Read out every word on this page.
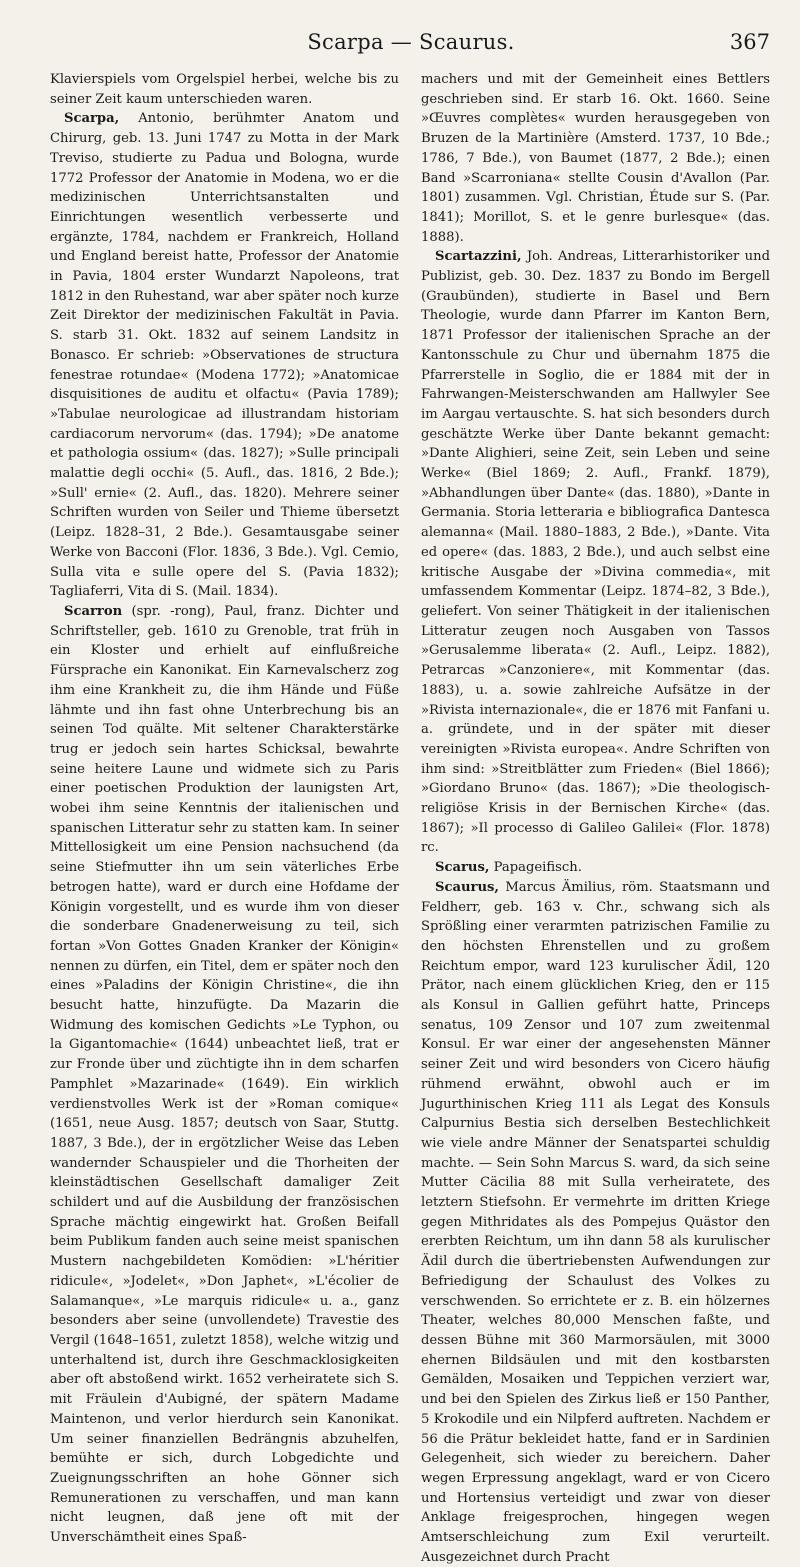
Scarpa — Scaurus.	367

Klavierspiels vom Orgelspiel herbei, welche bis zu seiner Zeit kaum unterschieden waren.

Scarpa, Antonio, berühmter Anatom und Chirurg, geb. 13. Juni 1747 zu Motta in der Mark Treviso, studierte zu Padua und Bologna, wurde 1772 Professor der Anatomie in Modena, wo er die medizinischen Unterrichtsanstalten und Einrichtungen wesentlich verbesserte und ergänzte, 1784, nachdem er Frankreich, Holland und England bereist hatte, Professor der Anatomie in Pavia, 1804 erster Wundarzt Napoleons, trat 1812 in den Ruhestand, war aber später noch kurze Zeit Direktor der medizinischen Fakultät in Pavia. S. starb 31. Okt. 1832 auf seinem Landsitz in Bonasco. Er schrieb: »Observationes de structura fenestrae rotundae« (Modena 1772); »Anatomicae disquisitiones de auditu et olfactu« (Pavia 1789); »Tabulae neurologicae ad illustrandam historiam cardiacorum nervorum« (das. 1794); »De anatome et pathologia ossium« (das. 1827); »Sulle principali malattie degli occhi« (5. Aufl., das. 1816, 2 Bde.); »Sull' ernie« (2. Aufl., das. 1820). Mehrere seiner Schriften wurden von Seiler und Thieme übersetzt (Leipz. 1828–31, 2 Bde.). Gesamtausgabe seiner Werke von Bacconi (Flor. 1836, 3 Bde.). Vgl. Cemio, Sulla vita e sulle opere del S. (Pavia 1832); Tagliaferri, Vita di S. (Mail. 1834).

Scarron (spr. -rong), Paul, franz. Dichter und Schriftsteller, geb. 1610 zu Grenoble, trat früh in ein Kloster und erhielt auf einflußreiche Fürsprache ein Kanonikat. Ein Karnevalscherz zog ihm eine Krankheit zu, die ihm Hände und Füße lähmte und ihn fast ohne Unterbrechung bis an seinen Tod quälte. Mit seltener Charakterstärke trug er jedoch sein hartes Schicksal, bewahrte seine heitere Laune und widmete sich zu Paris einer poetischen Produktion der launigsten Art, wobei ihm seine Kenntnis der italienischen und spanischen Litteratur sehr zu statten kam. In seiner Mittellosigkeit um eine Pension nachsuchend (da seine Stiefmutter ihn um sein väterliches Erbe betrogen hatte), ward er durch eine Hofdame der Königin vorgestellt, und es wurde ihm von dieser die sonderbare Gnadenerweisung zu teil, sich fortan »Von Gottes Gnaden Kranker der Königin« nennen zu dürfen, ein Titel, dem er später noch den eines »Paladins der Königin Christine«, die ihn besucht hatte, hinzufügte. Da Mazarin die Widmung des komischen Gedichts »Le Typhon, ou la Gigantomachie« (1644) unbeachtet ließ, trat er zur Fronde über und züchtigte ihn in dem scharfen Pamphlet »Mazarinade« (1649). Ein wirklich verdienstvolles Werk ist der »Roman comique« (1651, neue Ausg. 1857; deutsch von Saar, Stuttg. 1887, 3 Bde.), der in ergötzlicher Weise das Leben wandernder Schauspieler und die Thorheiten der kleinstädtischen Gesellschaft damaliger Zeit schildert und auf die Ausbildung der französischen Sprache mächtig eingewirkt hat. Großen Beifall beim Publikum fanden auch seine meist spanischen Mustern nachgebildeten Komödien: »L'héritier ridicule«, »Jodelet«, »Don Japhet«, »L'écolier de Salamanque«, »Le marquis ridicule« u. a., ganz besonders aber seine (unvollendete) Travestie des Vergil (1648–1651, zuletzt 1858), welche witzig und unterhaltend ist, durch ihre Geschmacklosigkeiten aber oft abstoßend wirkt. 1652 verheiratete sich S. mit Fräulein d'Aubigné, der spätern Madame Maintenon, und verlor hierdurch sein Kanonikat. Um seiner finanziellen Bedrängnis abzuhelfen, bemühte er sich, durch Lobgedichte und Zueignungsschriften an hohe Gönner sich Remunerationen zu verschaffen, und man kann nicht leugnen, daß jene oft mit der Unverschämtheit eines Spaß-

machers und mit der Gemeinheit eines Bettlers geschrieben sind. Er starb 16. Okt. 1660. Seine »Œuvres complètes« wurden herausgegeben von Bruzen de la Martinière (Amsterd. 1737, 10 Bde.; 1786, 7 Bde.), von Baumet (1877, 2 Bde.); einen Band »Scarroniana« stellte Cousin d'Avallon (Par. 1801) zusammen. Vgl. Christian, Étude sur S. (Par. 1841); Morillot, S. et le genre burlesque« (das. 1888).

Scartazzini, Joh. Andreas, Litterarhistoriker und Publizist, geb. 30. Dez. 1837 zu Bondo im Bergell (Graubünden), studierte in Basel und Bern Theologie, wurde dann Pfarrer im Kanton Bern, 1871 Professor der italienischen Sprache an der Kantonsschule zu Chur und übernahm 1875 die Pfarrerstelle in Soglio, die er 1884 mit der in Fahrwangen-Meisterschwanden am Hallwyler See im Aargau vertauschte. S. hat sich besonders durch geschätzte Werke über Dante bekannt gemacht: »Dante Alighieri, seine Zeit, sein Leben und seine Werke« (Biel 1869; 2. Aufl., Frankf. 1879), »Abhandlungen über Dante« (das. 1880), »Dante in Germania. Storia letteraria e bibliografica Dantesca alemanna« (Mail. 1880–1883, 2 Bde.), »Dante. Vita ed opere« (das. 1883, 2 Bde.), und auch selbst eine kritische Ausgabe der »Divina commedia«, mit umfassendem Kommentar (Leipz. 1874–82, 3 Bde.), geliefert. Von seiner Thätigkeit in der italienischen Litteratur zeugen noch Ausgaben von Tassos »Gerusalemme liberata« (2. Aufl., Leipz. 1882), Petrarcas »Canzoniere«, mit Kommentar (das. 1883), u. a. sowie zahlreiche Aufsätze in der »Rivista internazionale«, die er 1876 mit Fanfani u. a. gründete, und in der später mit dieser vereinigten »Rivista europea«. Andre Schriften von ihm sind: »Streitblätter zum Frieden« (Biel 1866); »Giordano Bruno« (das. 1867); »Die theologisch-religiöse Krisis in der Bernischen Kirche« (das. 1867); »Il processo di Galileo Galilei« (Flor. 1878) rc.

Scarus, Papageifisch.

Scaurus, Marcus Ämilius, röm. Staatsmann und Feldherr, geb. 163 v. Chr., schwang sich als Sprößling einer verarmten patrizischen Familie zu den höchsten Ehrenstellen und zu großem Reichtum empor, ward 123 kurulischer Ädil, 120 Prätor, nach einem glücklichen Krieg, den er 115 als Konsul in Gallien geführt hatte, Princeps senatus, 109 Zensor und 107 zum zweitenmal Konsul. Er war einer der angesehensten Männer seiner Zeit und wird besonders von Cicero häufig rühmend erwähnt, obwohl auch er im Jugurthinischen Krieg 111 als Legat des Konsuls Calpurnius Bestia sich derselben Bestechlichkeit wie viele andre Männer der Senatspartei schuldig machte. — Sein Sohn Marcus S. ward, da sich seine Mutter Cäcilia 88 mit Sulla verheiratete, des letztern Stiefsohn. Er vermehrte im dritten Kriege gegen Mithridates als des Pompejus Quästor den ererbten Reichtum, um ihn dann 58 als kurulischer Ädil durch die übertriebensten Aufwendungen zur Befriedigung der Schaulust des Volkes zu verschwenden. So errichtete er z. B. ein hölzernes Theater, welches 80,000 Menschen faßte, und dessen Bühne mit 360 Marmorsäulen, mit 3000 ehernen Bildsäulen und mit den kostbarsten Gemälden, Mosaiken und Teppichen verziert war, und bei den Spielen des Zirkus ließ er 150 Panther, 5 Krokodile und ein Nilpferd auftreten. Nachdem er 56 die Prätur bekleidet hatte, fand er in Sardinien Gelegenheit, sich wieder zu bereichern. Daher wegen Erpressung angeklagt, ward er von Cicero und Hortensius verteidigt und zwar von dieser Anklage freigesprochen, hingegen wegen Amtserschleichung zum Exil verurteilt. Ausgezeichnet durch Pracht
